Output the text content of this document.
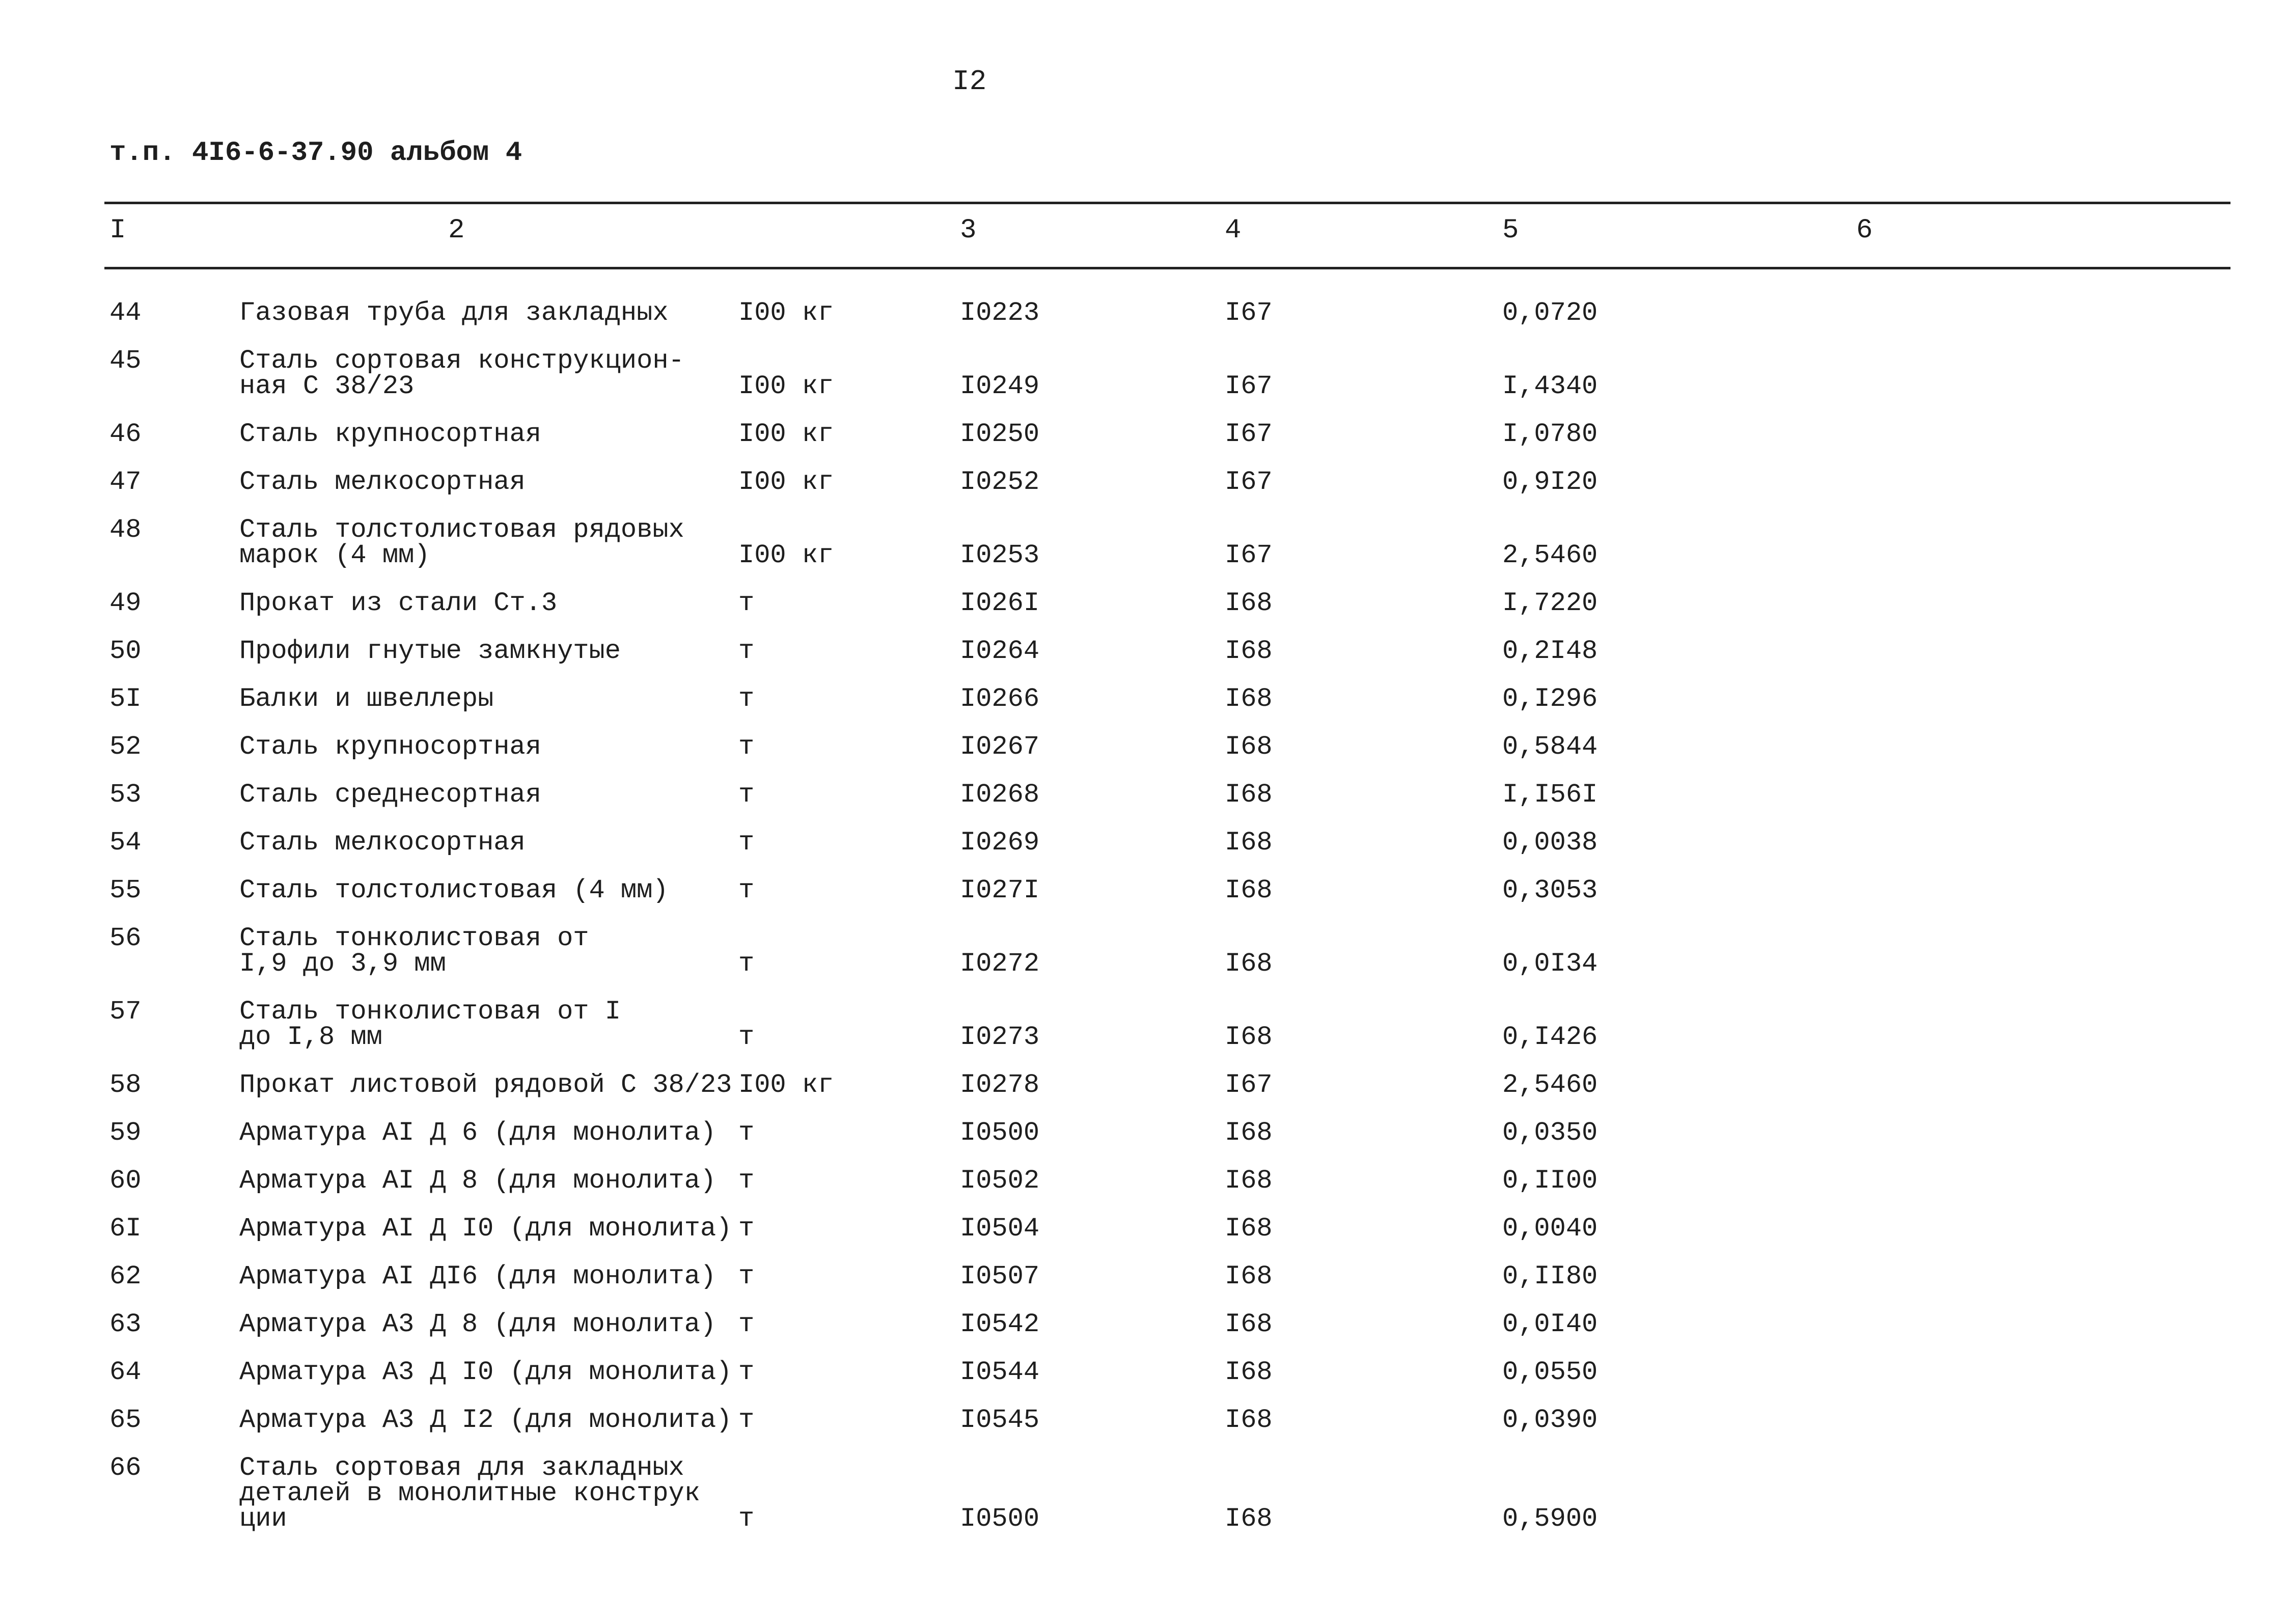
I2
т.п. 4I6-6-37.90 альбом 4
I	2	3	4	5	6
44	Газовая труба для закладных	I00 кг	I0223	I67	0,0720
45	Сталь сортовая конструкцион-
ная С 38/23	I00 кг	I0249	I67	I,4340
46	Сталь крупносортная	I00 кг	I0250	I67	I,0780
47	Сталь мелкосортная	I00 кг	I0252	I67	0,9I20
48	Сталь толстолистовая рядовых
марок (4 мм)	I00 кг	I0253	I67	2,5460
49	Прокат из стали Ст.3	т	I026I	I68	I,7220
50	Профили гнутые замкнутые	т	I0264	I68	0,2I48
5I	Балки и швеллеры	т	I0266	I68	0,I296
52	Сталь крупносортная	т	I0267	I68	0,5844
53	Сталь среднесортная	т	I0268	I68	I,I56I
54	Сталь мелкосортная	т	I0269	I68	0,0038
55	Сталь толстолистовая (4 мм)	т	I027I	I68	0,3053
56	Сталь тонколистовая от
I,9 до 3,9 мм	т	I0272	I68	0,0I34
57	Сталь тонколистовая от I
до I,8 мм	т	I0273	I68	0,I426
58	Прокат листовой рядовой С 38/23 I00 кг	I0278	I67	2,5460
59	Арматура АI Д 6 (для монолита) т	I0500	I68	0,0350
60	Арматура АI Д 8 (для монолита) т	I0502	I68	0,II00
6I	Арматура АI Д I0 (для монолита) т	I0504	I68	0,0040
62	Арматура АI ДI6 (для монолита) т	I0507	I68	0,II80
63	Арматура А3 Д 8 (для монолита) т	I0542	I68	0,0I40
64	Арматура А3 Д I0 (для монолита) т	I0544	I68	0,0550
65	Арматура А3 Д I2 (для монолита) т	I0545	I68	0,0390
66	Сталь сортовая для закладных
деталей в монолитные конструк
ции	т	I0500	I68	0,5900
